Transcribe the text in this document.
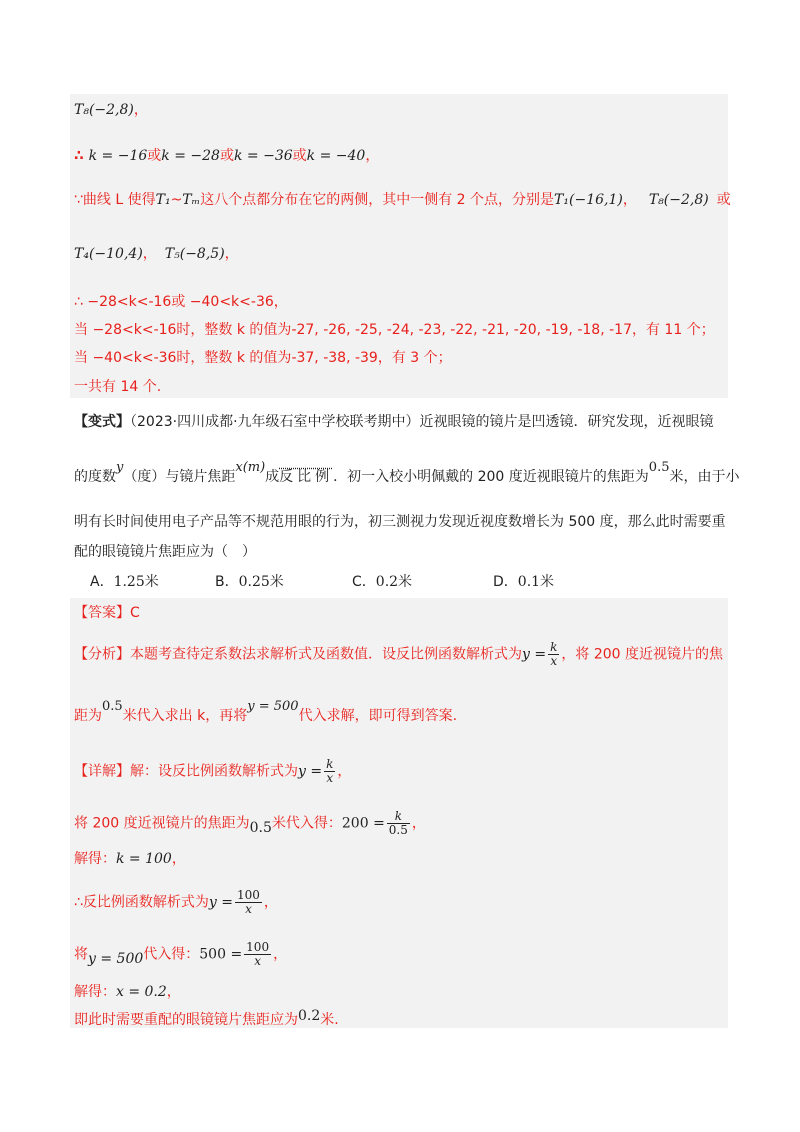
T₈(−2,8)，
∴ k = −16或k = −28或k = −36或k = −40，
∵曲线 L 使得T₁~Tₘ这八个点都分布在它的两侧，其中一侧有 2 个点，分别是T₁(−16,1)， T₈(−2,8) 或
T₄(−10,4)， T₅(−8,5)，
∴ −28<k<-16或 −40<k<-36，
当 −28<k<-16时，整数 k 的值为-27, -26, -25, -24, -23, -22, -21, -20, -19, -18, -17，有 11 个；
当 −40<k<-36时，整数 k 的值为-37, -38, -39，有 3 个；
一共有 14 个.
【变式】（2023·四川成都·九年级石室中学校联考期中）近视眼镜的镜片是凹透镜．研究发现，近视眼镜
的度数y（度）与镜片焦距x(m)成反比例．初一入校小明佩戴的 200 度近视眼镜片的焦距为0.5米，由于小
明有长时间使用电子产品等不规范用眼的行为，初三测视力发现近视度数增长为 500 度，那么此时需要重
配的眼镜镜片焦距应为（　）
A．1.25米	B．0.25米	C．0.2米	D．0.1米
【答案】C
【分析】本题考查待定系数法求解析式及函数值．设反比例函数解析式为$y = \frac{k}{x}$ ，将 200 度近视镜片的焦
距为0.5米代入求出 k，再将y = 500代入求解，即可得到答案.
【详解】解：设反比例函数解析式为$y = \frac{k}{x}$ ，
将 200 度近视镜片的焦距为0.5米代入得：$200 = \frac{k}{0.5}$ ，
解得：k = 100，
∴反比例函数解析式为$y = \frac{100}{x}$ ，
将y = 500代入得：$500 = \frac{100}{x}$ ，
解得：x = 0.2，
即此时需要重配的眼镜镜片焦距应为0.2米.
